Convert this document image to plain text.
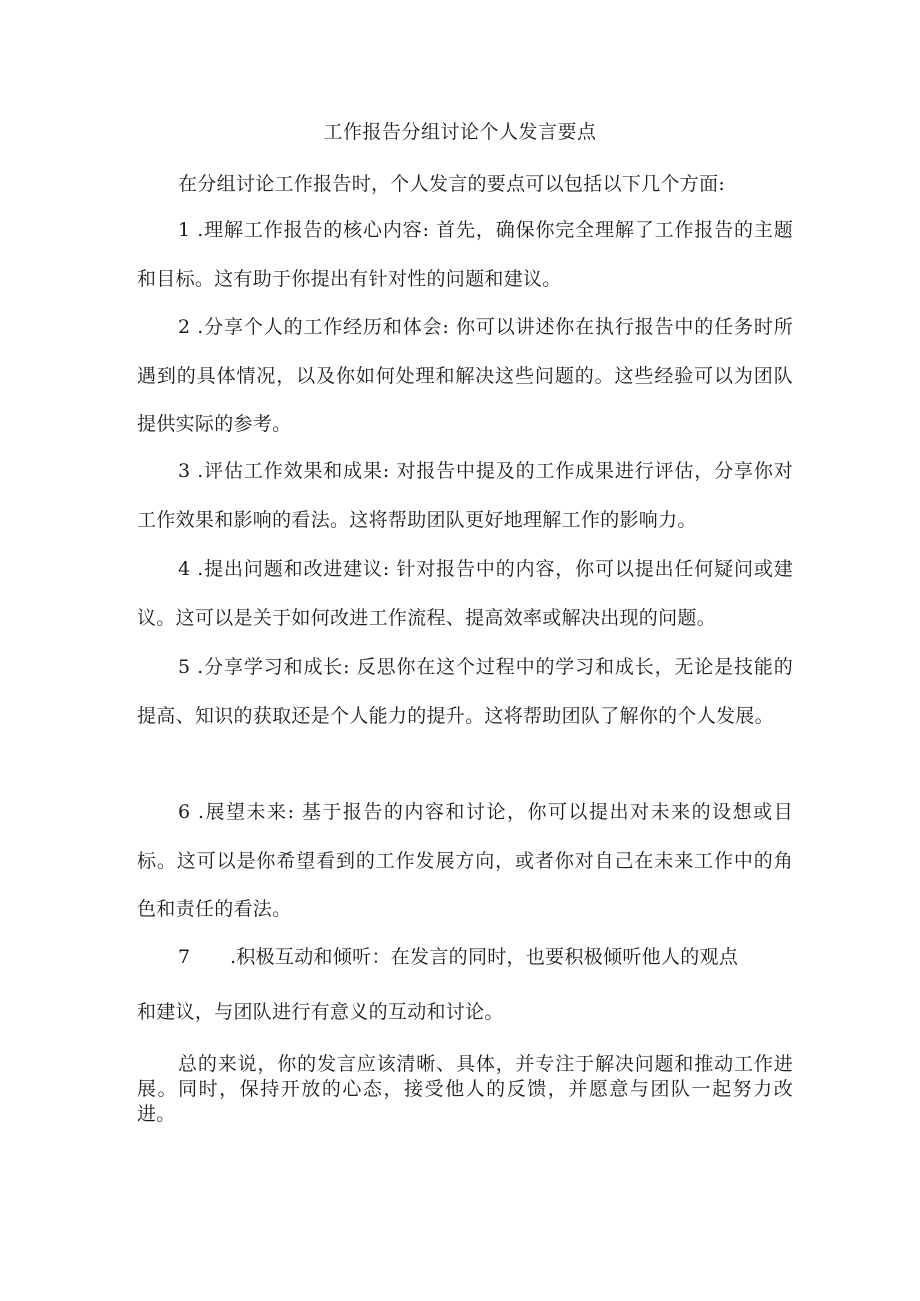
工作报告分组讨论个人发言要点

在分组讨论工作报告时，个人发言的要点可以包括以下几个方面:

1 .理解工作报告的核心内容: 首先，确保你完全理解了工作报告的主题和目标。这有助于你提出有针对性的问题和建议。

2 .分享个人的工作经历和体会: 你可以讲述你在执行报告中的任务时所遇到的具体情况，以及你如何处理和解决这些问题的。这些经验可以为团队提供实际的参考。

3 .评估工作效果和成果: 对报告中提及的工作成果进行评估，分享你对工作效果和影响的看法。这将帮助团队更好地理解工作的影响力。

4 .提出问题和改进建议: 针对报告中的内容，你可以提出任何疑问或建议。这可以是关于如何改进工作流程、提高效率或解决出现的问题。

5 .分享学习和成长: 反思你在这个过程中的学习和成长，无论是技能的提高、知识的获取还是个人能力的提升。这将帮助团队了解你的个人发展。

6 .展望未来: 基于报告的内容和讨论，你可以提出对未来的设想或目标。这可以是你希望看到的工作发展方向，或者你对自己在未来工作中的角色和责任的看法。

7 .积极互动和倾听：在发言的同时，也要积极倾听他人的观点
和建议，与团队进行有意义的互动和讨论。

总的来说，你的发言应该清晰、具体，并专注于解决问题和推动工作进展。同时，保持开放的心态，接受他人的反馈，并愿意与团队一起努力改进。
